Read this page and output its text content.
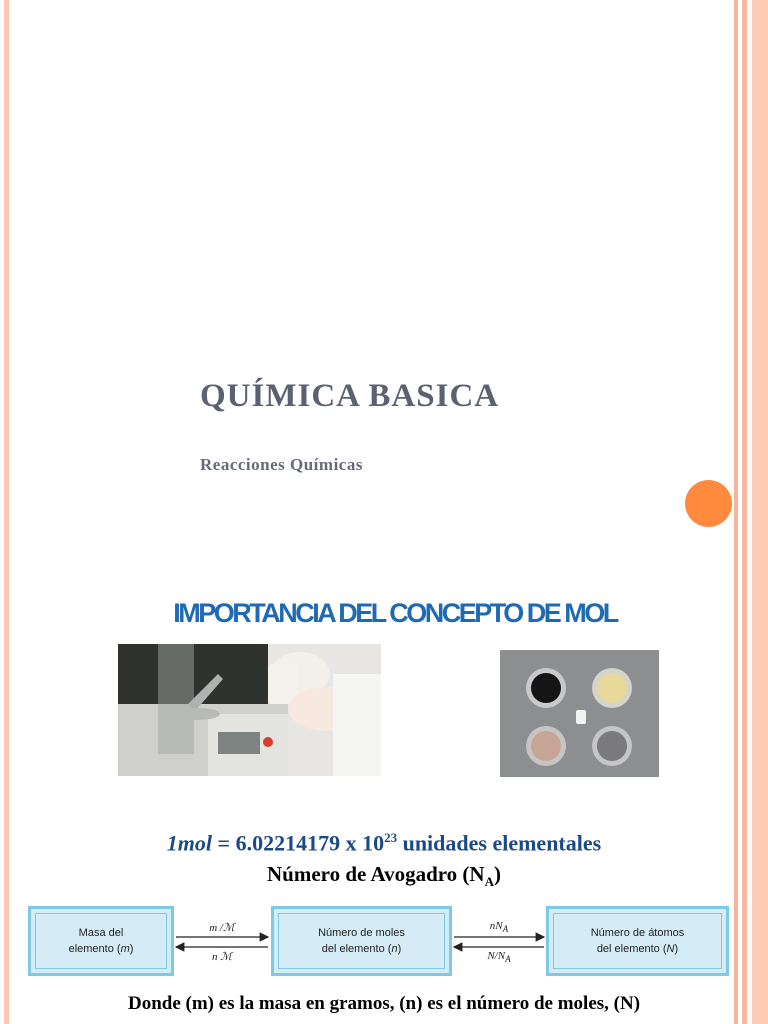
QUÍMICA BASICA
Reacciones Químicas
IMPORTANCIA DEL CONCEPTO DE MOL
1mol = 6.02214179 x $10^{23}$ unidades elementales
Número de Avogadro $(N_A)$
Masa del
elemento (m)
Número de moles
del elemento (n)
Número de átomos
del elemento (N)
m /ℳ
n ℳ
$nN_A$
$N/N_A$
Donde (m) es la masa en gramos, (n) es el número de moles, (N)
